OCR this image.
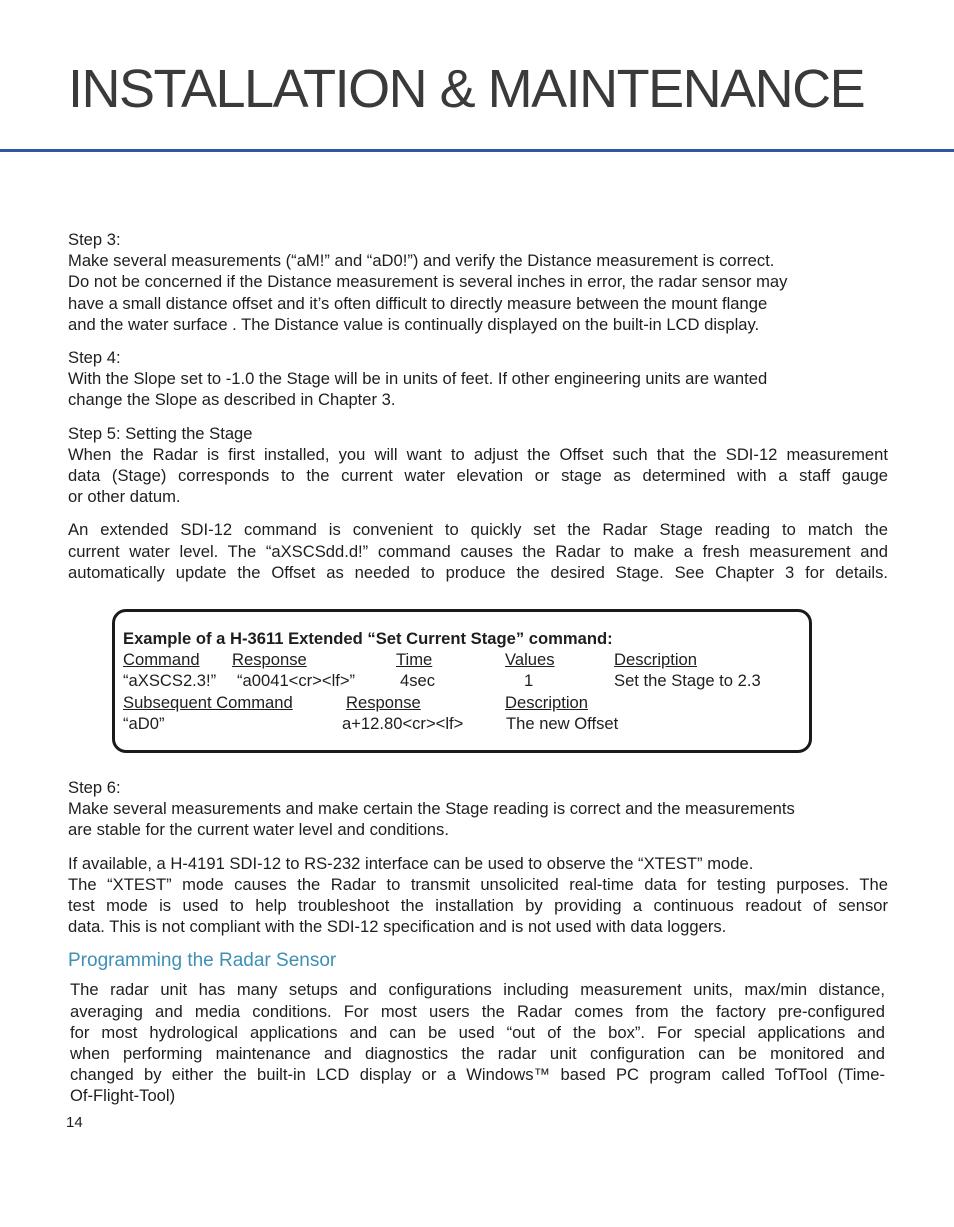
INSTALLATION & MAINTENANCE
Step 3:
Make several measurements (“aM!” and “aD0!”) and verify the Distance measurement is correct.
Do not be concerned if the Distance measurement is several inches in error, the radar sensor may
have a small distance offset and it’s often difficult to directly measure between the mount flange
and the water surface . The Distance value is continually displayed on the built-in LCD display.
Step 4:
With the Slope set to -1.0 the Stage will be in units of feet. If other engineering units are wanted
change the Slope as described in Chapter 3.
Step 5: Setting the Stage
When the Radar is first installed, you will want to adjust the Offset such that the SDI-12 measurement
data (Stage) corresponds to the current water elevation or stage as determined with a staff gauge
or other datum.
An extended SDI-12 command is convenient to quickly set the Radar Stage reading to match the
current water level. The “aXSCSdd.d!” command causes the Radar to make a fresh measurement and
automatically update the Offset as needed to produce the desired Stage. See Chapter 3 for details.
Example of a H-3611 Extended “Set Current Stage” command:
Command Response	Time	Values	Description
“aXSCS2.3!” “a0041<cr><lf>”	4sec	1	Set the Stage to 2.3
Subsequent Command	Response	Description
“aD0”	a+12.80<cr><lf>	The new Offset
Step 6:
Make several measurements and make certain the Stage reading is correct and the measurements
are stable for the current water level and conditions.
If available, a H-4191 SDI-12 to RS-232 interface can be used to observe the “XTEST” mode.
The “XTEST” mode causes the Radar to transmit unsolicited real-time data for testing purposes. The
test mode is used to help troubleshoot the installation by providing a continuous readout of sensor
data. This is not compliant with the SDI-12 specification and is not used with data loggers.
Programming the Radar Sensor
The radar unit has many setups and configurations including measurement units, max/min distance,
averaging and media conditions. For most users the Radar comes from the factory pre-configured
for most hydrological applications and can be used “out of the box”. For special applications and
when performing maintenance and diagnostics the radar unit configuration can be monitored and
changed by either the built-in LCD display or a Windows™ based PC program called TofTool (Time-
Of-Flight-Tool)
14
